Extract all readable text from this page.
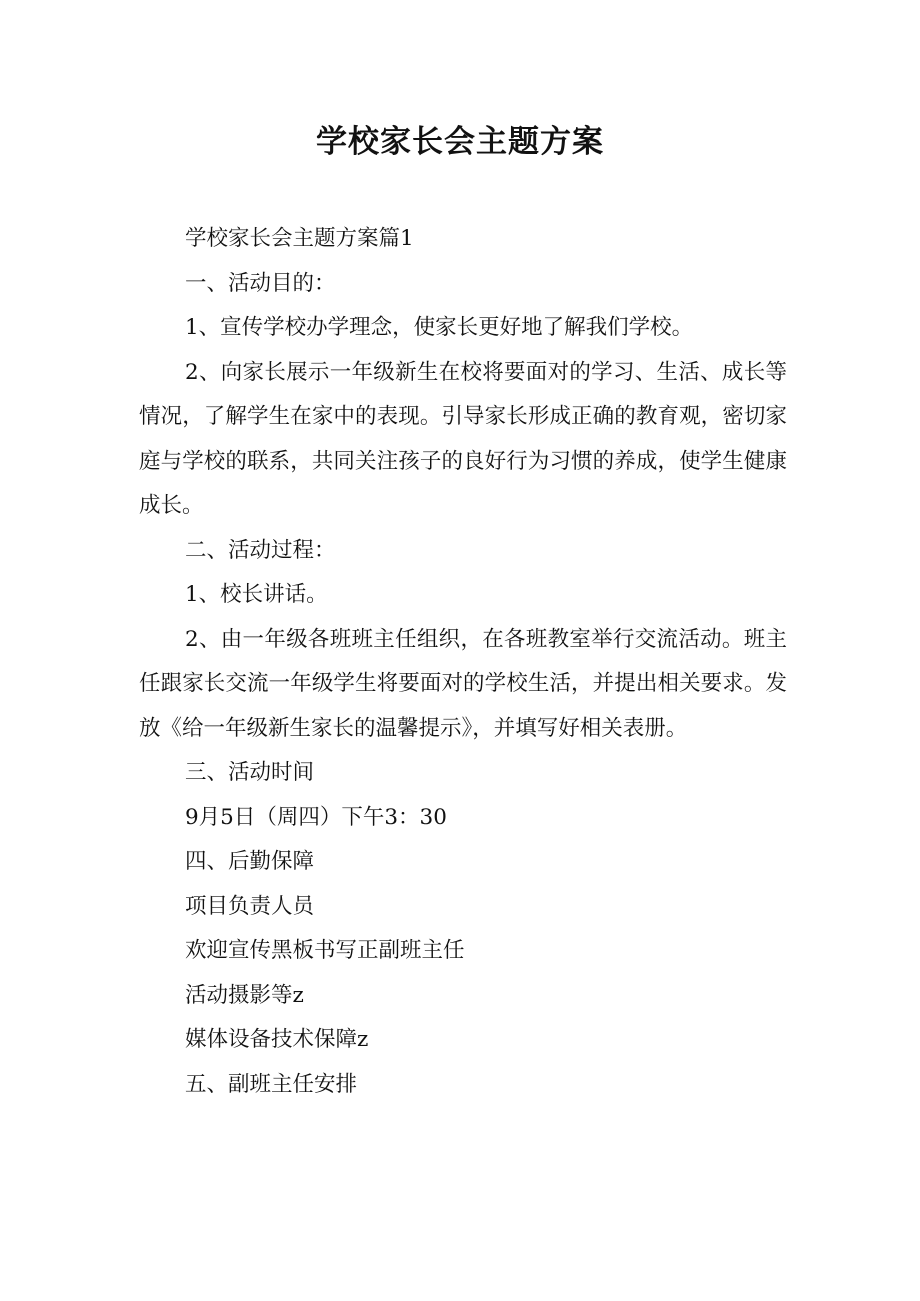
学校家长会主题方案

学校家长会主题方案篇1

一、活动目的：

1、宣传学校办学理念，使家长更好地了解我们学校。

2、向家长展示一年级新生在校将要面对的学习、生活、成长等情况，了解学生在家中的表现。引导家长形成正确的教育观，密切家庭与学校的联系，共同关注孩子的良好行为习惯的养成，使学生健康成长。

二、活动过程：

1、校长讲话。

2、由一年级各班班主任组织，在各班教室举行交流活动。班主任跟家长交流一年级学生将要面对的学校生活，并提出相关要求。发放《给一年级新生家长的温馨提示》，并填写好相关表册。

三、活动时间

9月5日（周四）下午3：30

四、后勤保障

项目负责人员

欢迎宣传黑板书写正副班主任

活动摄影等z

媒体设备技术保障z

五、副班主任安排
